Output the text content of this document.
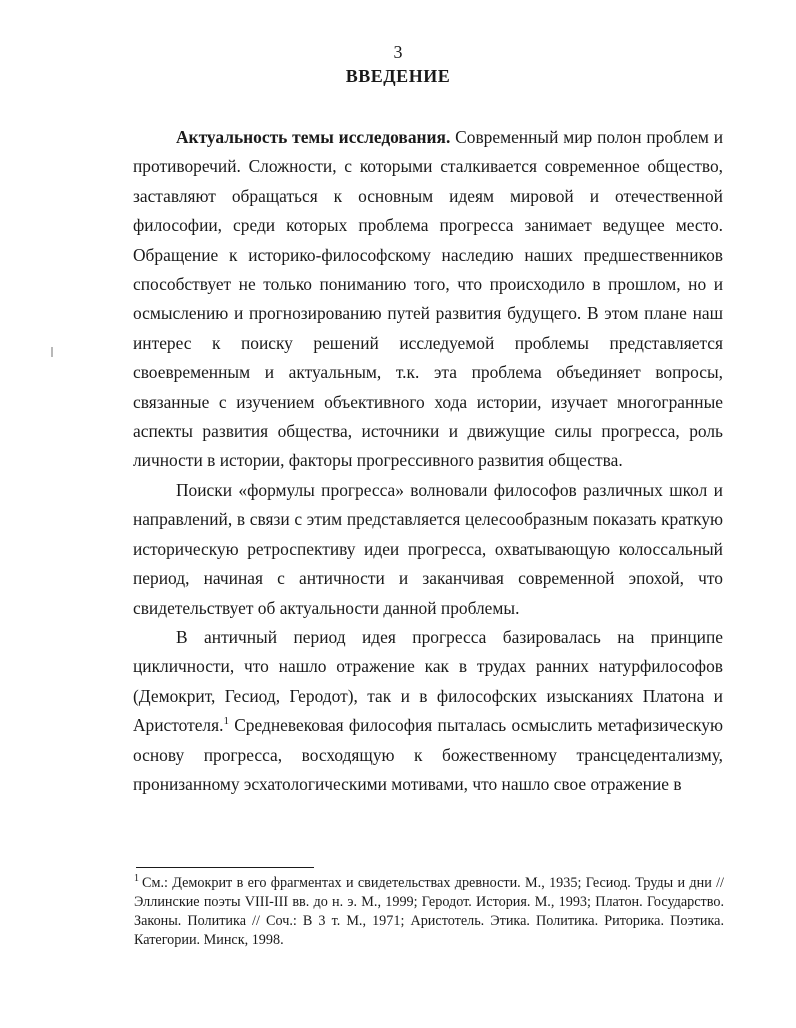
3
ВВЕДЕНИЕ

Актуальность темы исследования. Современный мир полон проблем и противоречий. Сложности, с которыми сталкивается современное общество, заставляют обращаться к основным идеям мировой и отечественной философии, среди которых проблема прогресса занимает ведущее место. Обращение к историко-философскому наследию наших предшественников способствует не только пониманию того, что происходило в прошлом, но и осмыслению и прогнозированию путей развития будущего. В этом плане наш интерес к поиску решений исследуемой проблемы представляется своевременным и актуальным, т.к. эта проблема объединяет вопросы, связанные с изучением объективного хода истории, изучает многогранные аспекты развития общества, источники и движущие силы прогресса, роль личности в истории, факторы прогрессивного развития общества.

Поиски «формулы прогресса» волновали философов различных школ и направлений, в связи с этим представляется целесообразным показать краткую историческую ретроспективу идеи прогресса, охватывающую колоссальный период, начиная с античности и заканчивая современной эпохой, что свидетельствует об актуальности данной проблемы.

В античный период идея прогресса базировалась на принципе цикличности, что нашло отражение как в трудах ранних натурфилософов (Демокрит, Гесиод, Геродот), так и в философских изысканиях Платона и Аристотеля.$^1$ Средневековая философия пыталась осмыслить метафизическую основу прогресса, восходящую к божественному трансцедентализму, пронизанному эсхатологическими мотивами, что нашло свое отражение в

$^1$ См.: Демокрит в его фрагментах и свидетельствах древности. М., 1935; Гесиод. Труды и дни // Эллинские поэты VIII-III вв. до н. э. М., 1999; Геродот. История. М., 1993; Платон. Государство. Законы. Политика // Соч.: В 3 т. М., 1971; Аристотель. Этика. Политика. Риторика. Поэтика. Категории. Минск, 1998.
